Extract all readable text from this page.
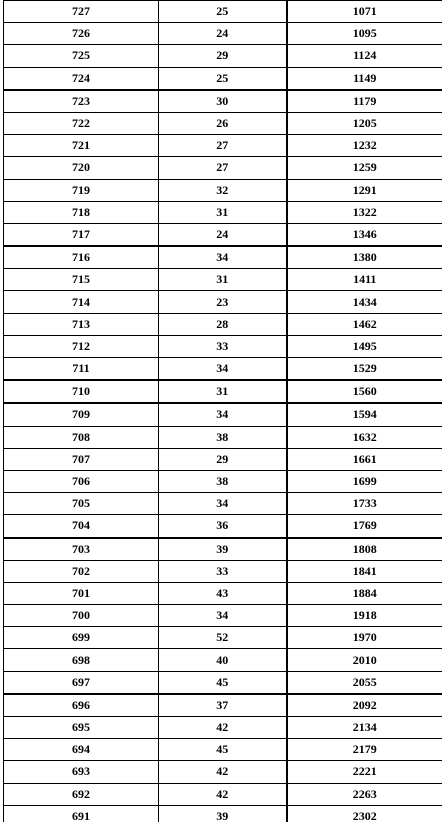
727	25	1071
726	24	1095
725	29	1124
724	25	1149
723	30	1179
722	26	1205
721	27	1232
720	27	1259
719	32	1291
718	31	1322
717	24	1346
716	34	1380
715	31	1411
714	23	1434
713	28	1462
712	33	1495
711	34	1529
710	31	1560
709	34	1594
708	38	1632
707	29	1661
706	38	1699
705	34	1733
704	36	1769
703	39	1808
702	33	1841
701	43	1884
700	34	1918
699	52	1970
698	40	2010
697	45	2055
696	37	2092
695	42	2134
694	45	2179
693	42	2221
692	42	2263
691	39	2302
